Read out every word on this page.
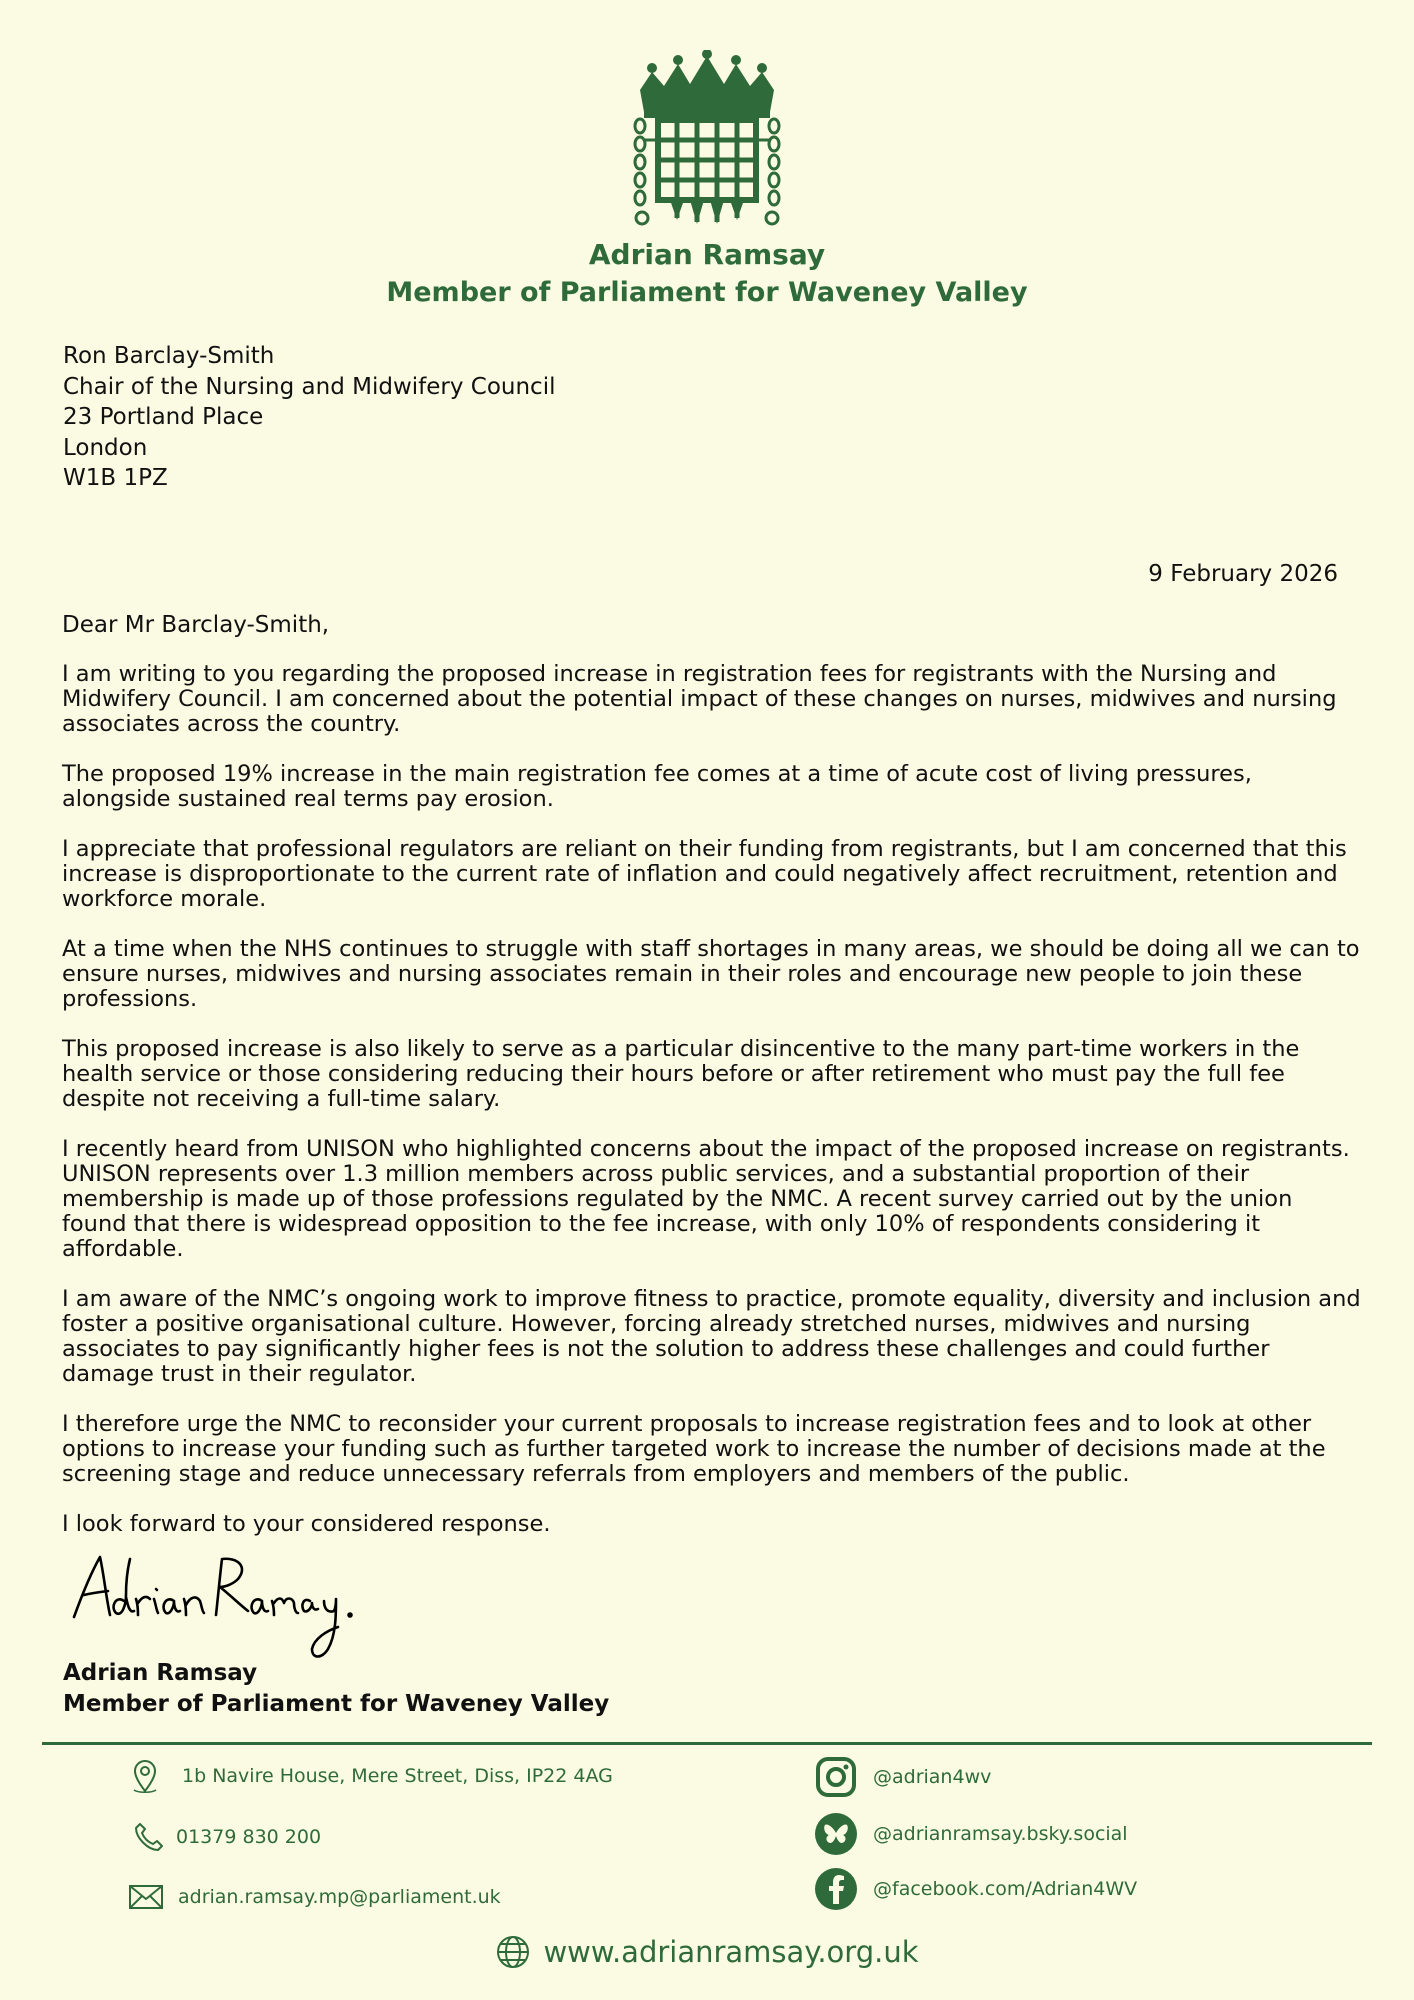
Adrian Ramsay
Member of Parliament for Waveney Valley
Ron Barclay-Smith
Chair of the Nursing and Midwifery Council
23 Portland Place
London
W1B 1PZ
9 February 2026
Dear Mr Barclay-Smith,

I am writing to you regarding the proposed increase in registration fees for registrants with the Nursing and Midwifery Council. I am concerned about the potential impact of these changes on nurses, midwives and nursing associates across the country.

The proposed 19% increase in the main registration fee comes at a time of acute cost of living pressures, alongside sustained real terms pay erosion.

I appreciate that professional regulators are reliant on their funding from registrants, but I am concerned that this increase is disproportionate to the current rate of inflation and could negatively affect recruitment, retention and workforce morale.

At a time when the NHS continues to struggle with staff shortages in many areas, we should be doing all we can to ensure nurses, midwives and nursing associates remain in their roles and encourage new people to join these professions.

This proposed increase is also likely to serve as a particular disincentive to the many part-time workers in the health service or those considering reducing their hours before or after retirement who must pay the full fee despite not receiving a full-time salary.

I recently heard from UNISON who highlighted concerns about the impact of the proposed increase on registrants. UNISON represents over 1.3 million members across public services, and a substantial proportion of their membership is made up of those professions regulated by the NMC. A recent survey carried out by the union found that there is widespread opposition to the fee increase, with only 10% of respondents considering it affordable.

I am aware of the NMC’s ongoing work to improve fitness to practice, promote equality, diversity and inclusion and foster a positive organisational culture. However, forcing already stretched nurses, midwives and nursing associates to pay significantly higher fees is not the solution to address these challenges and could further damage trust in their regulator.

I therefore urge the NMC to reconsider your current proposals to increase registration fees and to look at other options to increase your funding such as further targeted work to increase the number of decisions made at the screening stage and reduce unnecessary referrals from employers and members of the public.

I look forward to your considered response.

Adrian Ramsay
Member of Parliament for Waveney Valley
1b Navire House, Mere Street, Diss, IP22 4AG
01379 830 200
adrian.ramsay.mp@parliament.uk
@adrian4wv
@adrianramsay.bsky.social
@facebook.com/Adrian4WV
www.adrianramsay.org.uk
